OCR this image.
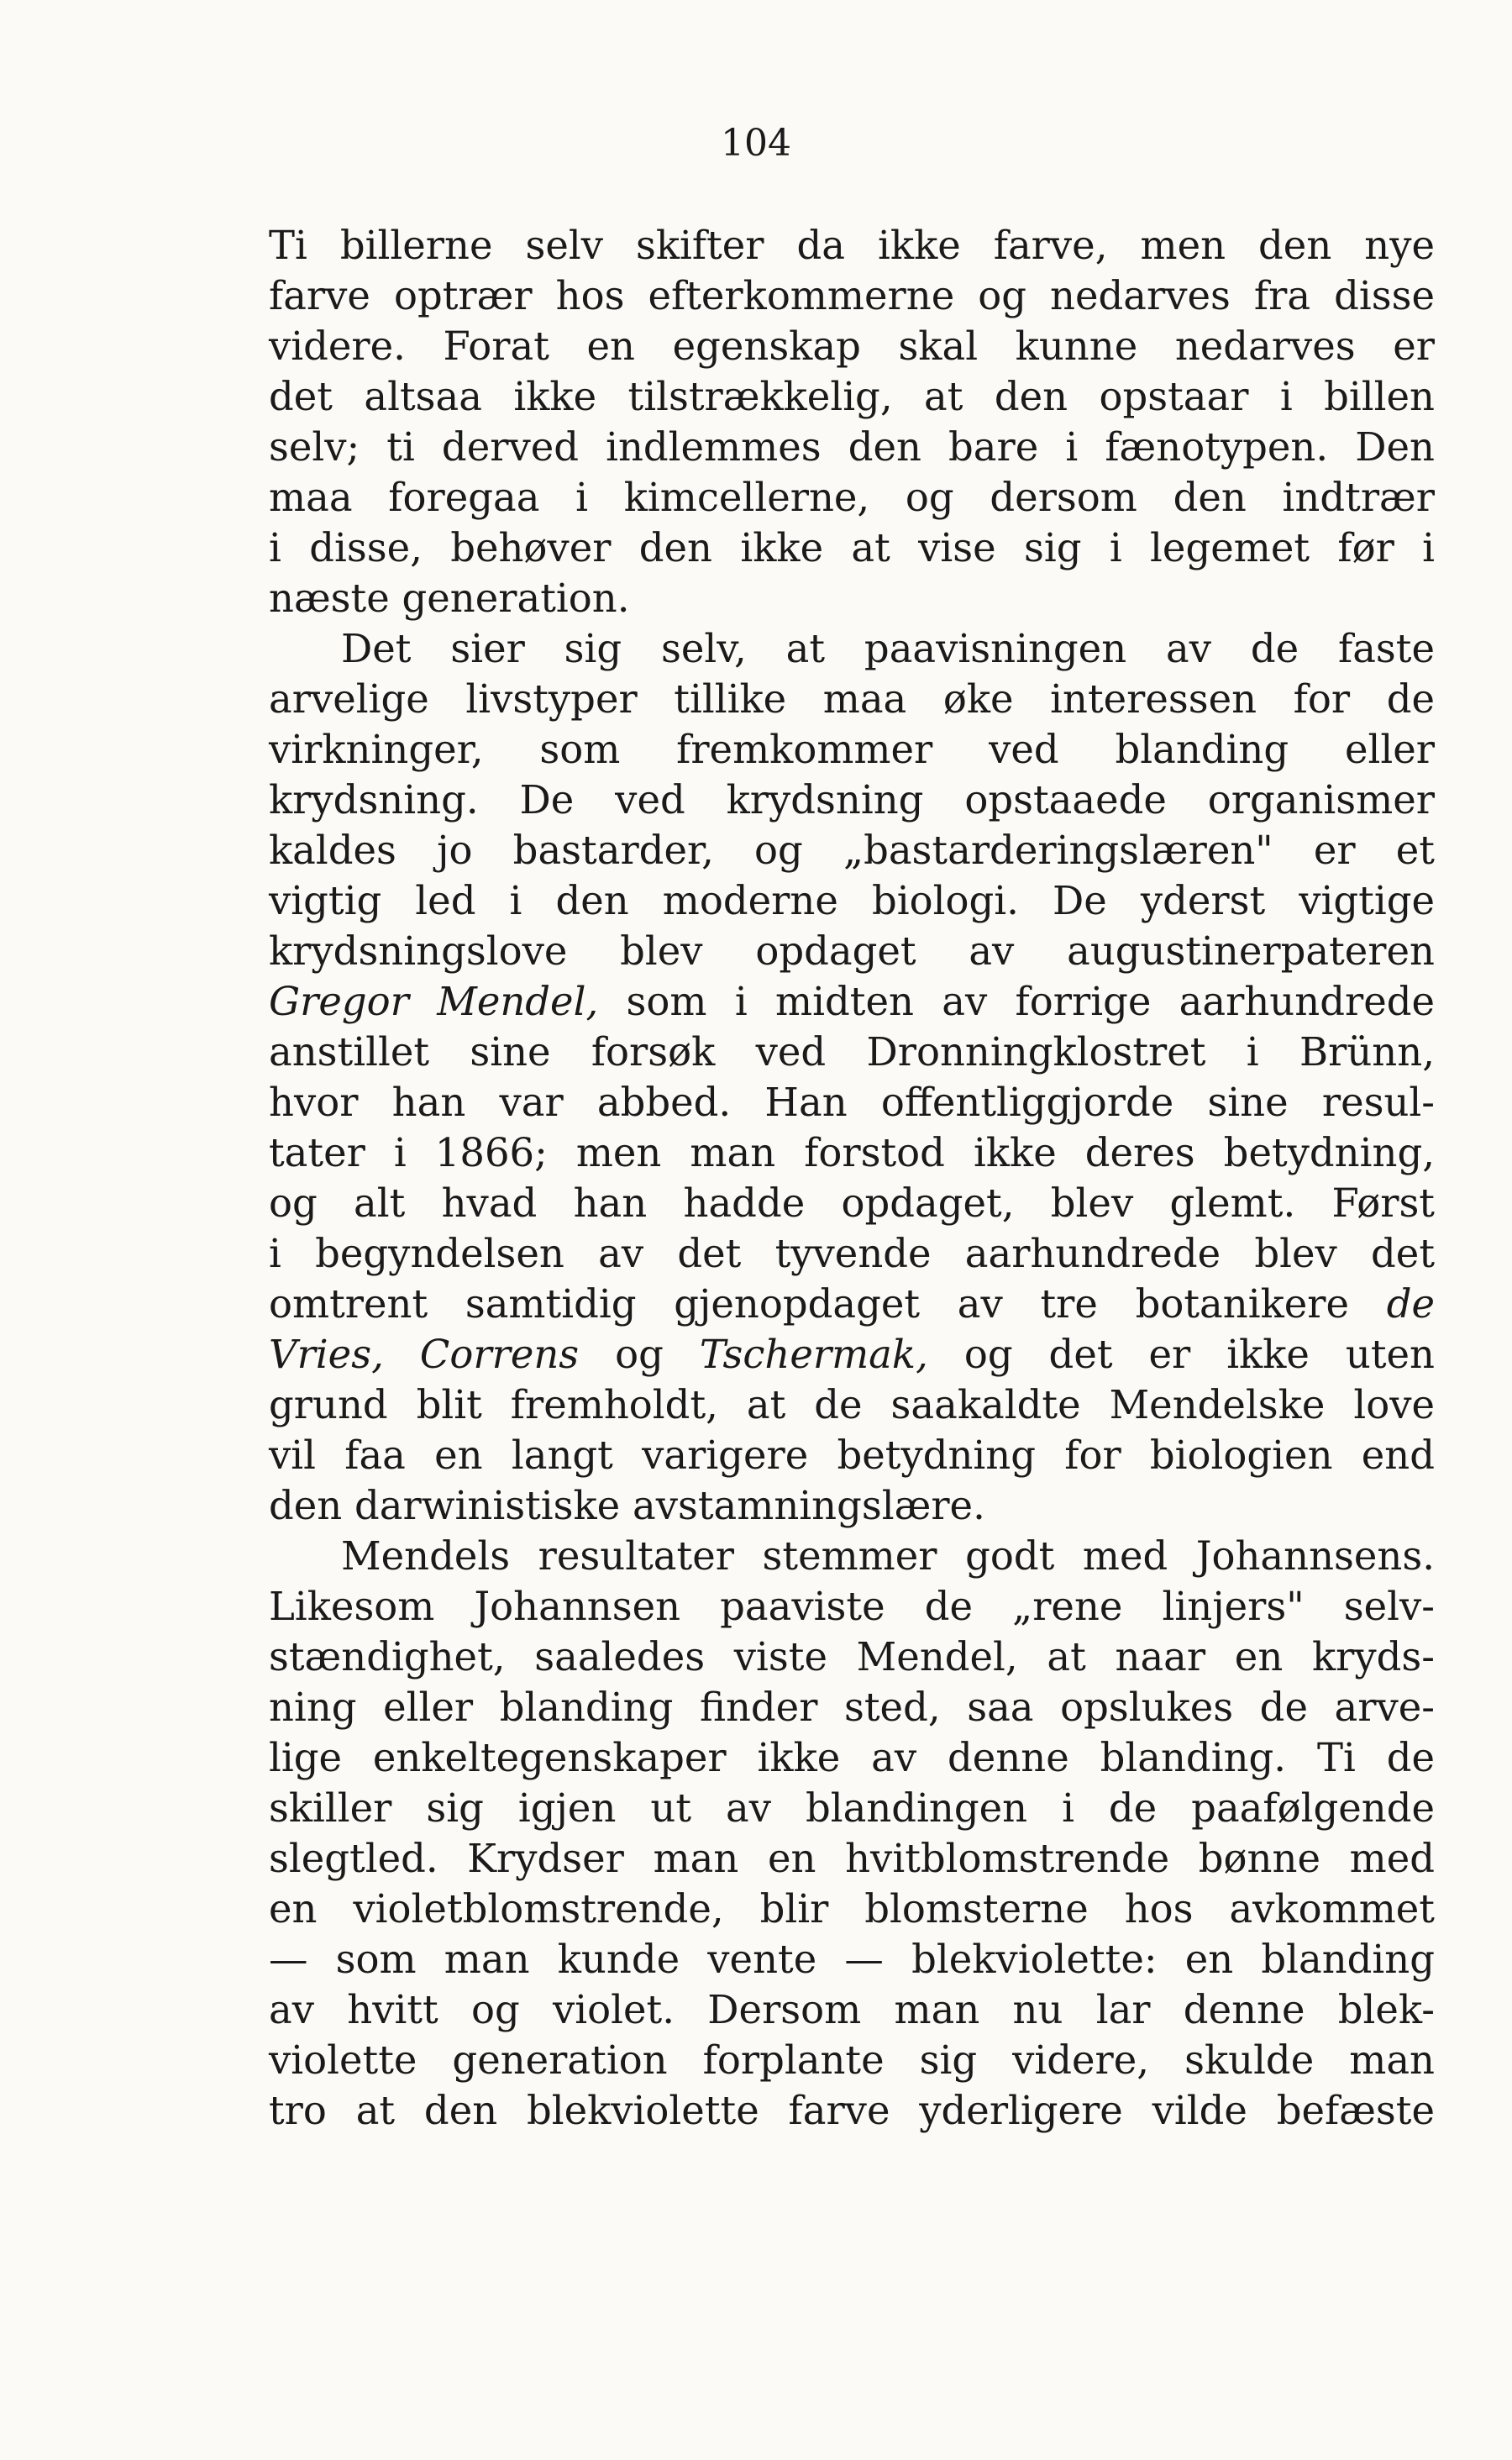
104
Ti billerne selv skifter da ikke farve, men den nye
farve optrær hos efterkommerne og nedarves fra disse
videre. Forat en egenskap skal kunne nedarves er
det altsaa ikke tilstrækkelig, at den opstaar i billen
selv; ti derved indlemmes den bare i fænotypen. Den
maa foregaa i kimcellerne, og dersom den indtrær
i disse, behøver den ikke at vise sig i legemet før i
næste generation.
Det sier sig selv, at paavisningen av de faste
arvelige livstyper tillike maa øke interessen for de
virkninger, som fremkommer ved blanding eller
krydsning. De ved krydsning opstaaede organismer
kaldes jo bastarder, og „bastarderingslæren" er et
vigtig led i den moderne biologi. De yderst vigtige
krydsningslove blev opdaget av augustinerpateren
Gregor Mendel, som i midten av forrige aarhundrede
anstillet sine forsøk ved Dronningklostret i Brünn,
hvor han var abbed. Han offentliggjorde sine resul-
tater i 1866; men man forstod ikke deres betydning,
og alt hvad han hadde opdaget, blev glemt. Først
i begyndelsen av det tyvende aarhundrede blev det
omtrent samtidig gjenopdaget av tre botanikere de
Vries, Correns og Tschermak, og det er ikke uten
grund blit fremholdt, at de saakaldte Mendelske love
vil faa en langt varigere betydning for biologien end
den darwinistiske avstamningslære.
Mendels resultater stemmer godt med Johannsens.
Likesom Johannsen paaviste de „rene linjers" selv-
stændighet, saaledes viste Mendel, at naar en kryds-
ning eller blanding finder sted, saa opslukes de arve-
lige enkeltegenskaper ikke av denne blanding. Ti de
skiller sig igjen ut av blandingen i de paafølgende
slegtled. Krydser man en hvitblomstrende bønne med
en violetblomstrende, blir blomsterne hos avkommet
— som man kunde vente — blekviolette: en blanding
av hvitt og violet. Dersom man nu lar denne blek-
violette generation forplante sig videre, skulde man
tro at den blekviolette farve yderligere vilde befæste
